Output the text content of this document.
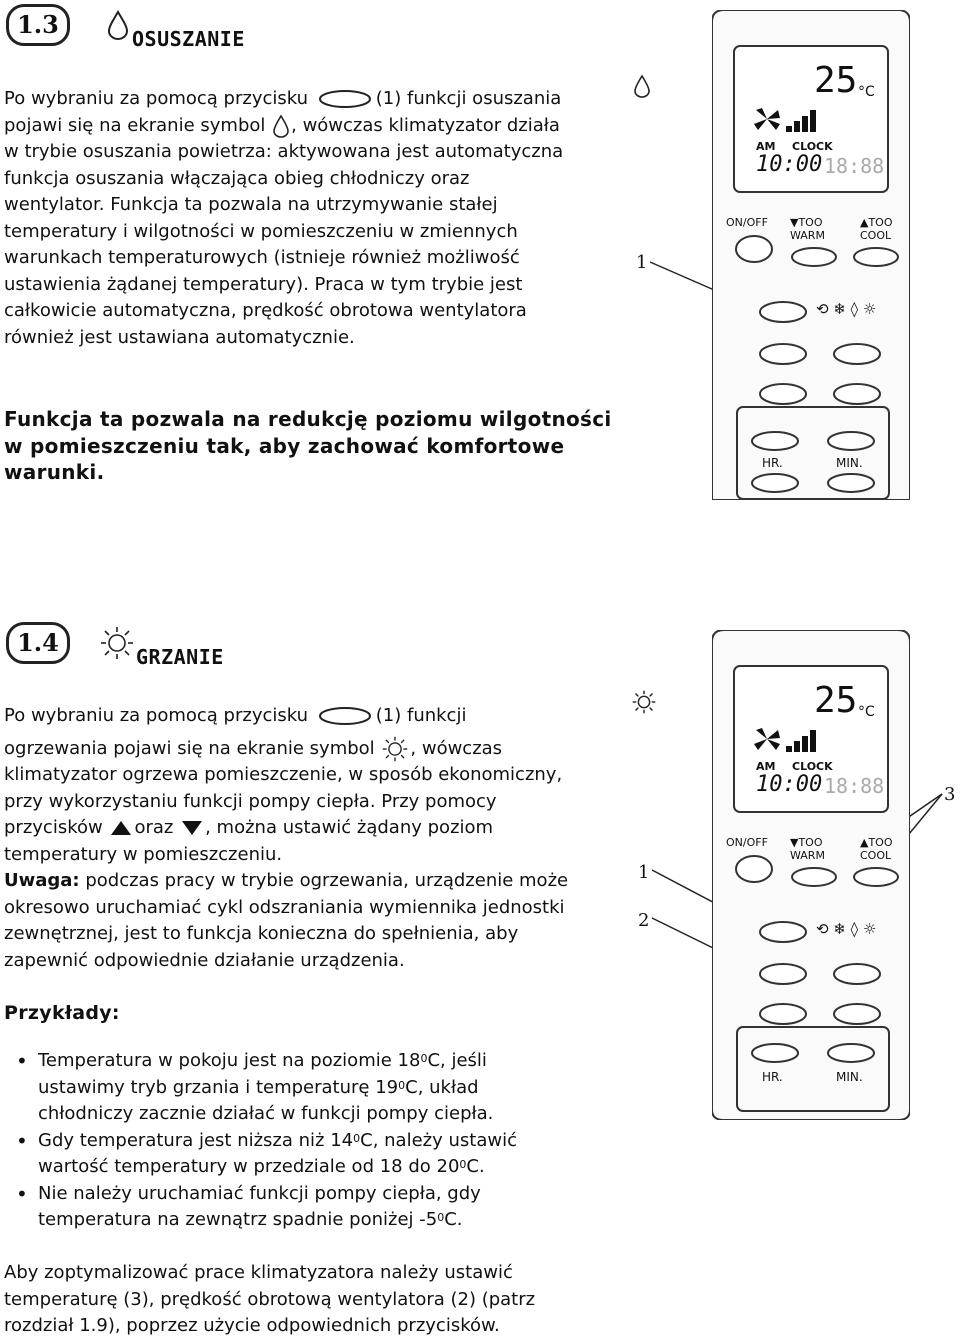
1.3	OSUSZANIE
Po wybraniu za pomocą przycisku	(1) funkcji osuszania
pojawi się na ekranie symbol , wówczas klimatyzator działa
w trybie osuszania powietrza: aktywowana jest automatyczna
funkcja osuszania włączająca obieg chłodniczy oraz
wentylator. Funkcja ta pozwala na utrzymywanie stałej
temperatury i wilgotności w pomieszczeniu w zmiennych
warunkach temperaturowych (istnieje również możliwość
ustawienia żądanej temperatury). Praca w tym trybie jest
całkowicie automatyczna, prędkość obrotowa wentylatora
również jest ustawiana automatycznie.
Funkcja ta pozwala na redukcję poziomu wilgotności
w pomieszczeniu tak, aby zachować komfortowe
warunki.
1
25 °C
AM CLOCK
10:00 18:88
ON/OFF ▼TOO WARM
▲TOO COOL
⟲ ❄ ◊ ☼
HR.	MIN.
1.4	GRZANIE
Po wybraniu za pomocą przycisku	(1) funkcji
ogrzewania pojawi się na ekranie symbol , wówczas
klimatyzator ogrzewa pomieszczenie, w sposób ekonomiczny,
przy wykorzystaniu funkcji pompy ciepła. Przy pomocy
przycisków oraz , można ustawić żądany poziom
temperatury w pomieszczeniu.
Uwaga: podczas pracy w trybie ogrzewania, urządzenie może
okresowo uruchamiać cykl odszraniania wymiennika jednostki
zewnętrznej, jest to funkcja konieczna do spełnienia, aby
zapewnić odpowiednie działanie urządzenia.
Przykłady:
• Temperatura w pokoju jest na poziomie $18^0C$, jeśli
ustawimy tryb grzania i temperaturę $19^0C$, układ
chłodniczy zacznie działać w funkcji pompy ciepła.
• Gdy temperatura jest niższa niż $14^0C$, należy ustawić
wartość temperatury w przedziale od 18 do $20^0C$.
• Nie należy uruchamiać funkcji pompy ciepła, gdy
temperatura na zewnątrz spadnie poniżej $-5^0C$.
Aby zoptymalizować prace klimatyzatora należy ustawić
temperaturę (3), prędkość obrotową wentylatora (2) (patrz
rozdział 1.9), poprzez użycie odpowiednich przycisków.
1
2
3
25 °C
AM CLOCK
10:00 18:88
ON/OFF ▼TOO WARM
▲TOO COOL
⟲ ❄ ◊ ☼
HR.	MIN.
